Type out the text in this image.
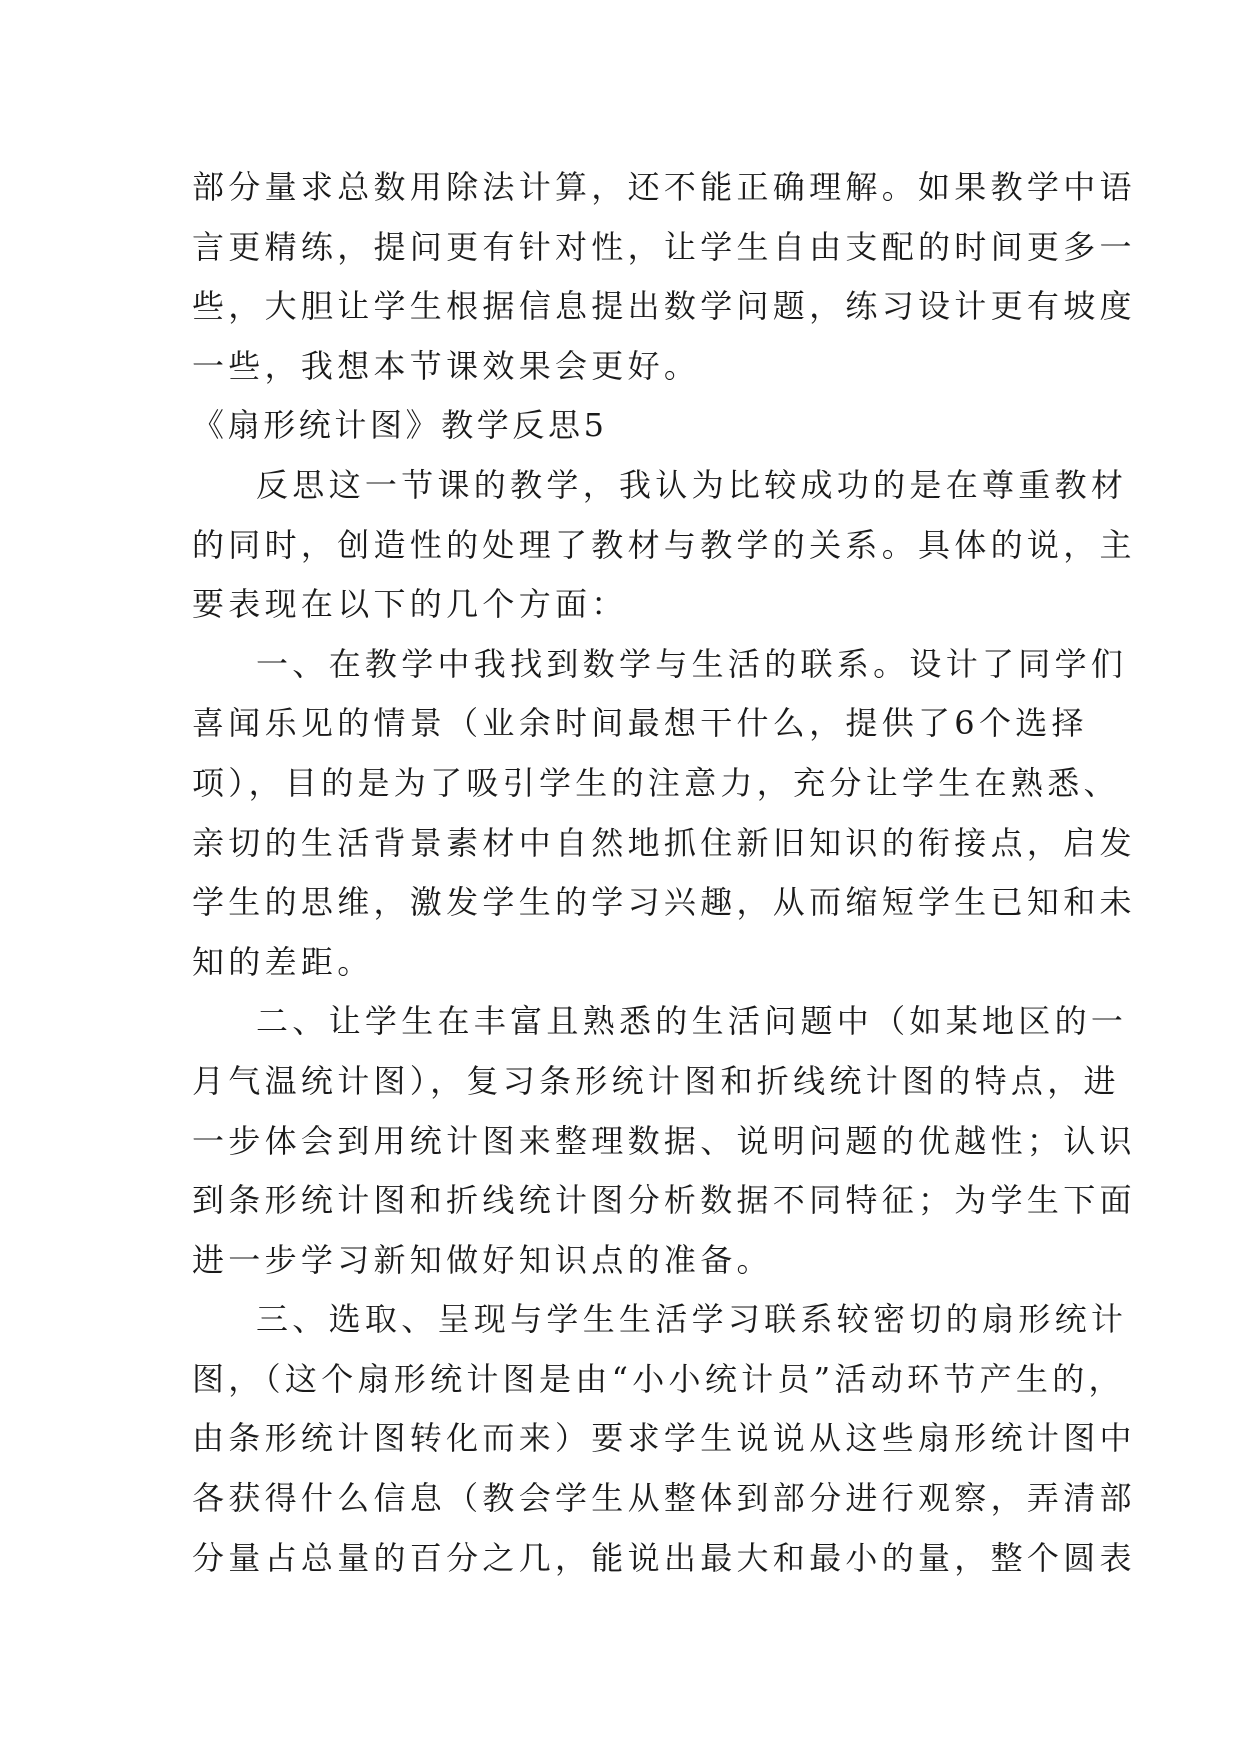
部分量求总数用除法计算，还不能正确理解。如果教学中语
言更精练，提问更有针对性，让学生自由支配的时间更多一
些，大胆让学生根据信息提出数学问题，练习设计更有坡度
一些，我想本节课效果会更好。
《扇形统计图》教学反思5
反思这一节课的教学，我认为比较成功的是在尊重教材
的同时，创造性的处理了教材与教学的关系。具体的说，主
要表现在以下的几个方面：
一、在教学中我找到数学与生活的联系。设计了同学们
喜闻乐见的情景（业余时间最想干什么，提供了6个选择
项），目的是为了吸引学生的注意力，充分让学生在熟悉、
亲切的生活背景素材中自然地抓住新旧知识的衔接点，启发
学生的思维，激发学生的学习兴趣，从而缩短学生已知和未
知的差距。
二、让学生在丰富且熟悉的生活问题中（如某地区的一
月气温统计图），复习条形统计图和折线统计图的特点，进
一步体会到用统计图来整理数据、说明问题的优越性；认识
到条形统计图和折线统计图分析数据不同特征；为学生下面
进一步学习新知做好知识点的准备。
三、选取、呈现与学生生活学习联系较密切的扇形统计
图，（这个扇形统计图是由“小小统计员”活动环节产生的，
由条形统计图转化而来）要求学生说说从这些扇形统计图中
各获得什么信息（教会学生从整体到部分进行观察，弄清部
分量占总量的百分之几，能说出最大和最小的量，整个圆表
